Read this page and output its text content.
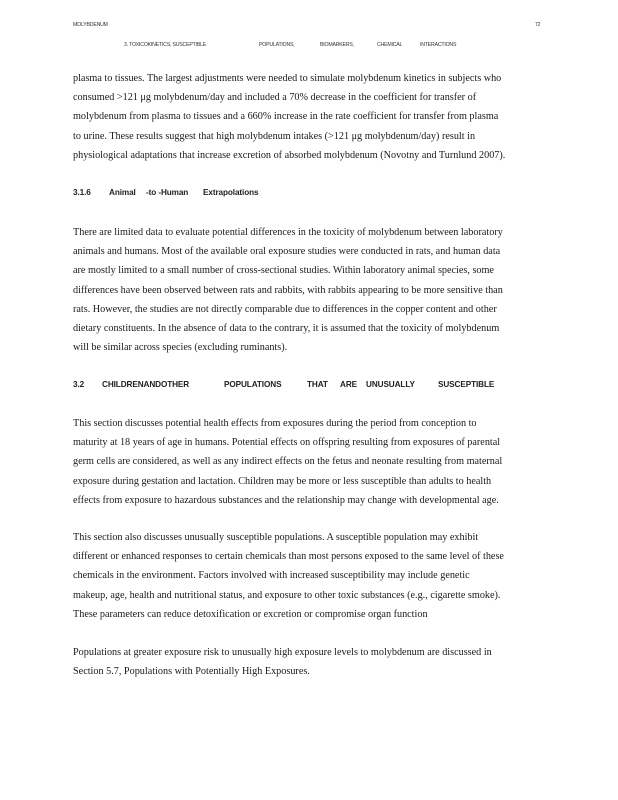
MOLYBDENUM	72
3. TOXICOKINETICS, SUSCEPTIBLE	POPULATIONS,	BIOMARKERS,	CHEMICAL	INTERACTIONS
plasma to tissues. The largest adjustments were needed to simulate molybdenum kinetics in subjects who
consumed >121 μg molybdenum/day and included a 70% decrease in the coefficient for transfer of
molybdenum from plasma to tissues and a 660% increase in the rate coefficient for transfer from plasma
to urine. These results suggest that high molybdenum intakes (>121 μg molybdenum/day) result in
physiological adaptations that increase excretion of absorbed molybdenum (Novotny and Turnlund 2007).
3.1.6 Animal -to -Human Extrapolations
There are limited data to evaluate potential differences in the toxicity of molybdenum between laboratory
animals and humans. Most of the available oral exposure studies were conducted in rats, and human data
are mostly limited to a small number of cross-sectional studies. Within laboratory animal species, some
differences have been observed between rats and rabbits, with rabbits appearing to be more sensitive than
rats. However, the studies are not directly comparable due to differences in the copper content and other
dietary constituents. In the absence of data to the contrary, it is assumed that the toxicity of molybdenum
will be similar across species (excluding ruminants).
3.2 CHILDRENANDOTHER	POPULATIONS	THAT ARE UNUSUALLY	SUSCEPTIBLE
This section discusses potential health effects from exposures during the period from conception to
maturity at 18 years of age in humans. Potential effects on offspring resulting from exposures of parental
germ cells are considered, as well as any indirect effects on the fetus and neonate resulting from maternal
exposure during gestation and lactation. Children may be more or less susceptible than adults to health
effects from exposure to hazardous substances and the relationship may change with developmental age.
This section also discusses unusually susceptible populations. A susceptible population may exhibit
different or enhanced responses to certain chemicals than most persons exposed to the same level of these
chemicals in the environment. Factors involved with increased susceptibility may include genetic
makeup, age, health and nutritional status, and exposure to other toxic substances (e.g., cigarette smoke).
These parameters can reduce detoxification or excretion or compromise organ function
Populations at greater exposure risk to unusually high exposure levels to molybdenum are discussed in
Section 5.7, Populations with Potentially High Exposures.
